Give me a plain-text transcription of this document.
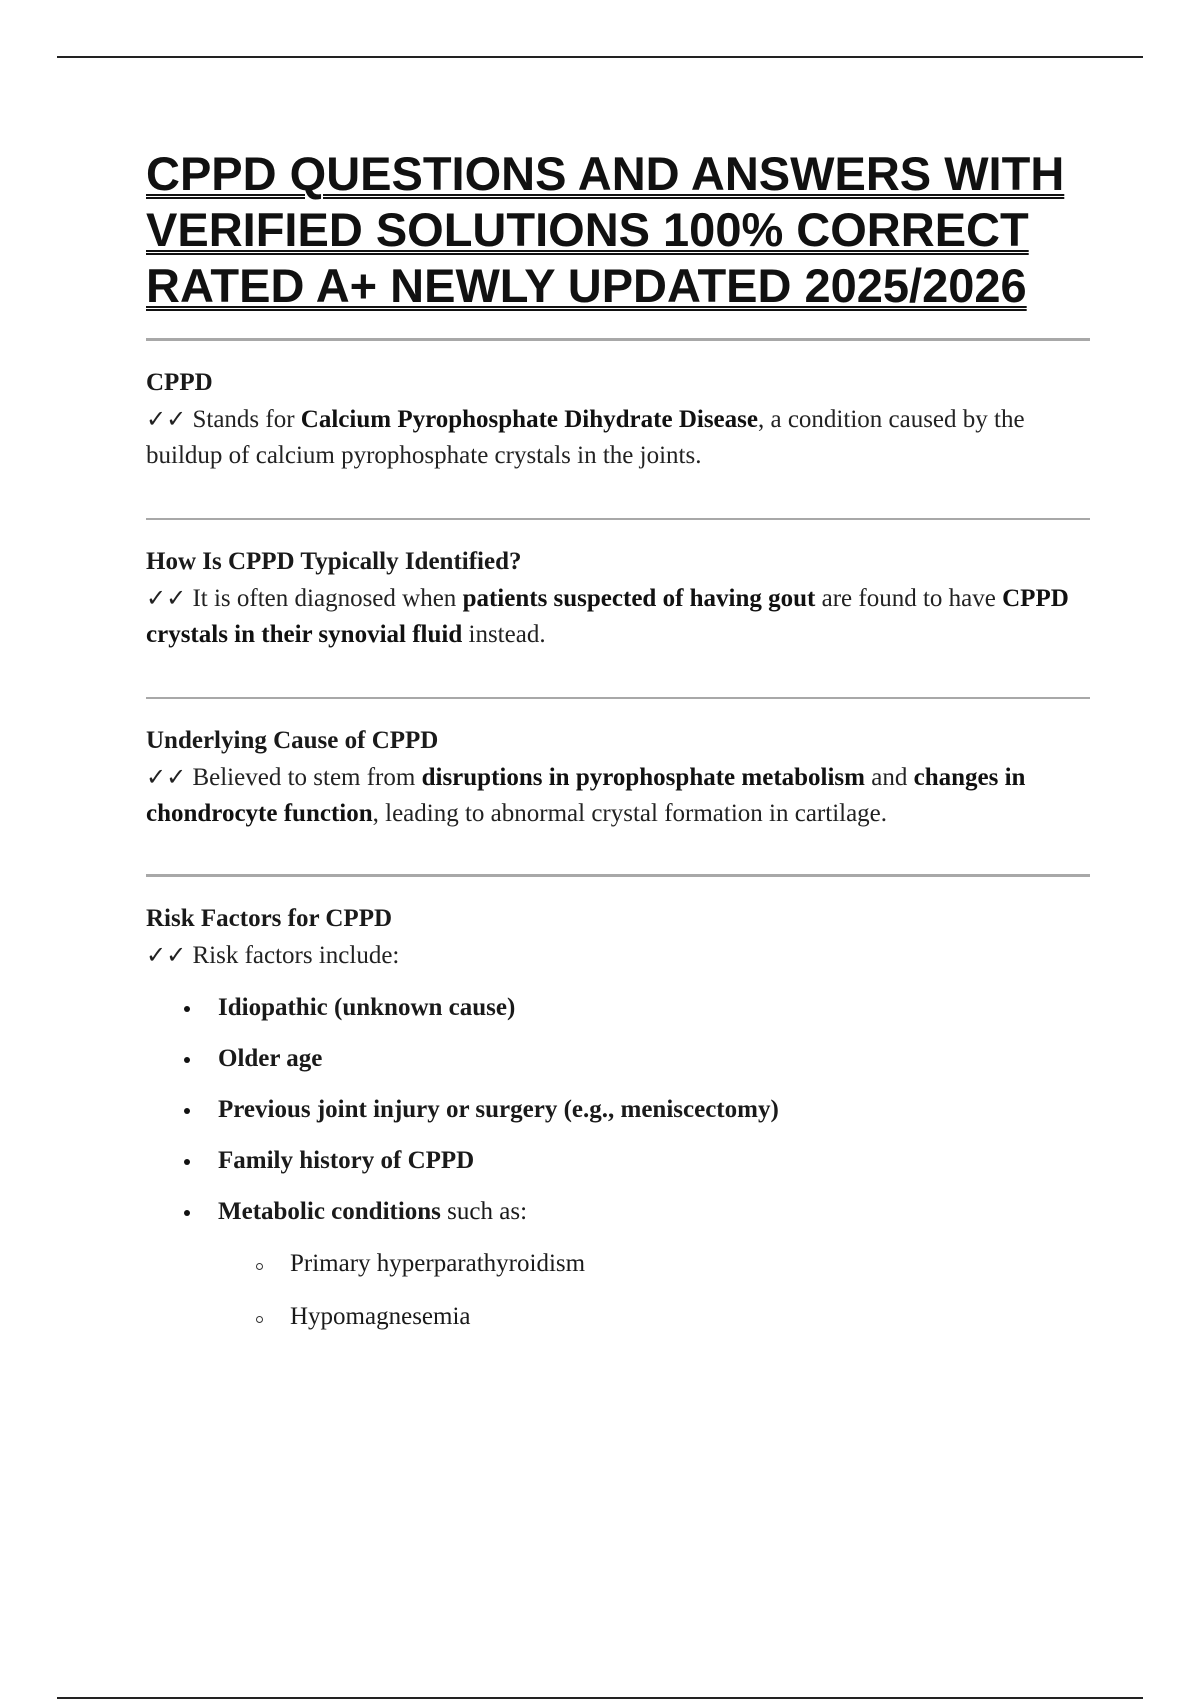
CPPD QUESTIONS AND ANSWERS WITH VERIFIED SOLUTIONS 100% CORRECT RATED A+ NEWLY UPDATED 2025/2026

CPPD

✓✓ Stands for Calcium Pyrophosphate Dihydrate Disease, a condition caused by the buildup of calcium pyrophosphate crystals in the joints.

How Is CPPD Typically Identified?

✓✓ It is often diagnosed when patients suspected of having gout are found to have CPPD crystals in their synovial fluid instead.

Underlying Cause of CPPD

✓✓ Believed to stem from disruptions in pyrophosphate metabolism and changes in chondrocyte function, leading to abnormal crystal formation in cartilage.

Risk Factors for CPPD

✓✓ Risk factors include:

Idiopathic (unknown cause)
Older age
Previous joint injury or surgery (e.g., meniscectomy)
Family history of CPPD
Metabolic conditions such as:
Primary hyperparathyroidism
Hypomagnesemia
